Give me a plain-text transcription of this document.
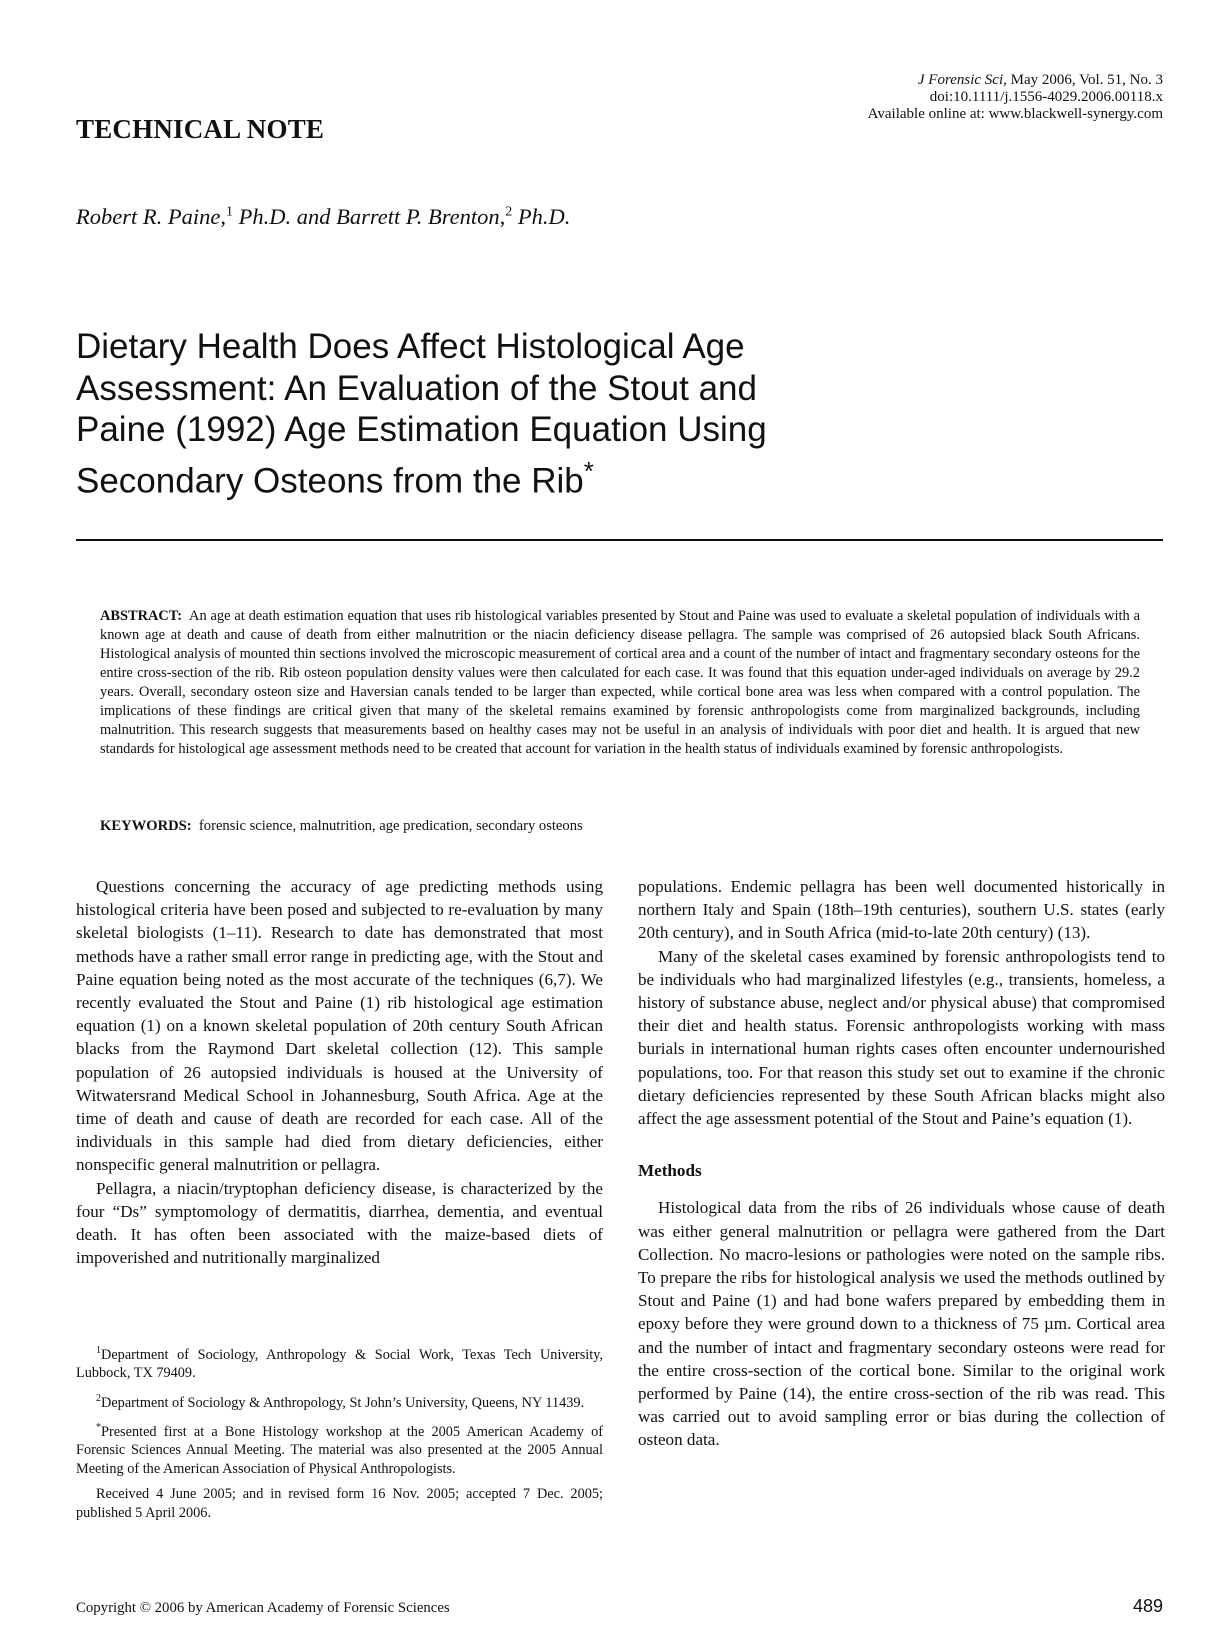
J Forensic Sci, May 2006, Vol. 51, No. 3
doi:10.1111/j.1556-4029.2006.00118.x
Available online at: www.blackwell-synergy.com
TECHNICAL NOTE
Robert R. Paine,$^1$ Ph.D. and Barrett P. Brenton,$^2$ Ph.D.
Dietary Health Does Affect Histological Age
Assessment: An Evaluation of the Stout and
Paine (1992) Age Estimation Equation Using
Secondary Osteons from the Rib*
ABSTRACT: An age at death estimation equation that uses rib histological variables presented by Stout and Paine was used to evaluate a skeletal population of individuals with a known age at death and cause of death from either malnutrition or the niacin deficiency disease pellagra. The sample was comprised of 26 autopsied black South Africans. Histological analysis of mounted thin sections involved the microscopic measurement of cortical area and a count of the number of intact and fragmentary secondary osteons for the entire cross-section of the rib. Rib osteon population density values were then calculated for each case. It was found that this equation under-aged individuals on average by 29.2 years. Overall, secondary osteon size and Haversian canals tended to be larger than expected, while cortical bone area was less when compared with a control population. The implications of these findings are critical given that many of the skeletal remains examined by forensic anthropologists come from marginalized backgrounds, including malnutrition. This research suggests that measurements based on healthy cases may not be useful in an analysis of individuals with poor diet and health. It is argued that new standards for histological age assessment methods need to be created that account for variation in the health status of individuals examined by forensic anthropologists.
KEYWORDS: forensic science, malnutrition, age predication, secondary osteons

Questions concerning the accuracy of age predicting methods using histological criteria have been posed and subjected to re-evaluation by many skeletal biologists (1–11). Research to date has demonstrated that most methods have a rather small error range in predicting age, with the Stout and Paine equation being noted as the most accurate of the techniques (6,7). We recently evaluated the Stout and Paine (1) rib histological age estimation equation (1) on a known skeletal population of 20th century South African blacks from the Raymond Dart skeletal collection (12). This sample population of 26 autopsied individuals is housed at the University of Witwatersrand Medical School in Johannesburg, South Africa. Age at the time of death and cause of death are recorded for each case. All of the individuals in this sample had died from dietary deficiencies, either nonspecific general malnutrition or pellagra.

Pellagra, a niacin/tryptophan deficiency disease, is characterized by the four “Ds” symptomology of dermatitis, diarrhea, dementia, and eventual death. It has often been associated with the maize-based diets of impoverished and nutritionally marginalized

populations. Endemic pellagra has been well documented historically in northern Italy and Spain (18th–19th centuries), southern U.S. states (early 20th century), and in South Africa (mid-to-late 20th century) (13).

Many of the skeletal cases examined by forensic anthropologists tend to be individuals who had marginalized lifestyles (e.g., transients, homeless, a history of substance abuse, neglect and/or physical abuse) that compromised their diet and health status. Forensic anthropologists working with mass burials in international human rights cases often encounter undernourished populations, too. For that reason this study set out to examine if the chronic dietary deficiencies represented by these South African blacks might also affect the age assessment potential of the Stout and Paine’s equation (1).

Methods

Histological data from the ribs of 26 individuals whose cause of death was either general malnutrition or pellagra were gathered from the Dart Collection. No macro-lesions or pathologies were noted on the sample ribs. To prepare the ribs for histological analysis we used the methods outlined by Stout and Paine (1) and had bone wafers prepared by embedding them in epoxy before they were ground down to a thickness of 75 µm. Cortical area and the number of intact and fragmentary secondary osteons were read for the entire cross-section of the cortical bone. Similar to the original work performed by Paine (14), the entire cross-section of the rib was read. This was carried out to avoid sampling error or bias during the collection of osteon data.

$^1$Department of Sociology, Anthropology & Social Work, Texas Tech University, Lubbock, TX 79409.

$^2$Department of Sociology & Anthropology, St John’s University, Queens, NY 11439.

*Presented first at a Bone Histology workshop at the 2005 American Academy of Forensic Sciences Annual Meeting. The material was also presented at the 2005 Annual Meeting of the American Association of Physical Anthropologists.

Received 4 June 2005; and in revised form 16 Nov. 2005; accepted 7 Dec. 2005; published 5 April 2006.

Copyright © 2006 by American Academy of Forensic Sciences	489
